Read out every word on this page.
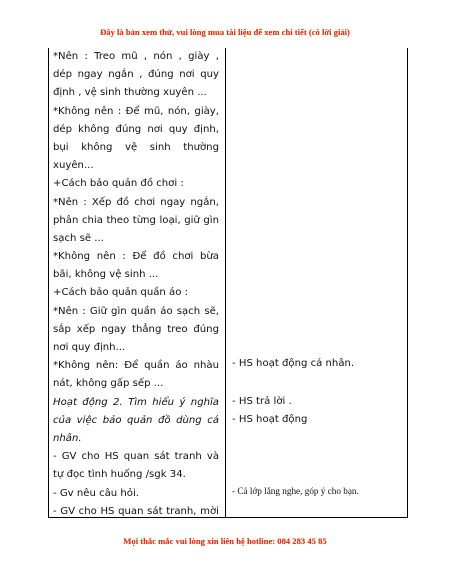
Đây là bản xem thử, vui lòng mua tài liệu để xem chi tiết (có lời giải)
*Nên : Treo mũ , nón , giày ,
dép ngay ngắn , đúng nơi quy
định , vệ sinh thường xuyên ...
*Không nên : Để mũ, nón, giày,
dép không đúng nơi quy định,
bụi không vệ sinh thường
xuyên...
+Cách bảo quản đồ chơi :
*Nên : Xếp đồ chơi ngay ngắn,
phân chia theo từng loại, giữ gìn
sạch sẽ ...
*Không nên : Để đồ chơi bừa
bãi, không vệ sinh ...
+Cách bảo quản quần áo :
*Nên : Giữ gìn quần áo sạch sẽ,
sắp xếp ngay thẳng treo đúng
nơi quy định...
*Không nên: Để quần áo nhàu
nát, không gấp sếp ...
Hoạt động 2. Tìm hiểu ý nghĩa
của việc bảo quản đồ dùng cá
nhân.
- GV cho HS quan sát tranh và
tự đọc tình huống /sgk 34.
- Gv nêu câu hỏi.
- GV cho HS quan sát tranh, mời
- HS hoạt động cá nhân.
- HS trả lời .
- HS hoạt động
- Cả lớp lắng nghe, góp ý cho bạn.
Mọi thắc mắc vui lòng xin liên hệ hotline: 084 283 45 85
